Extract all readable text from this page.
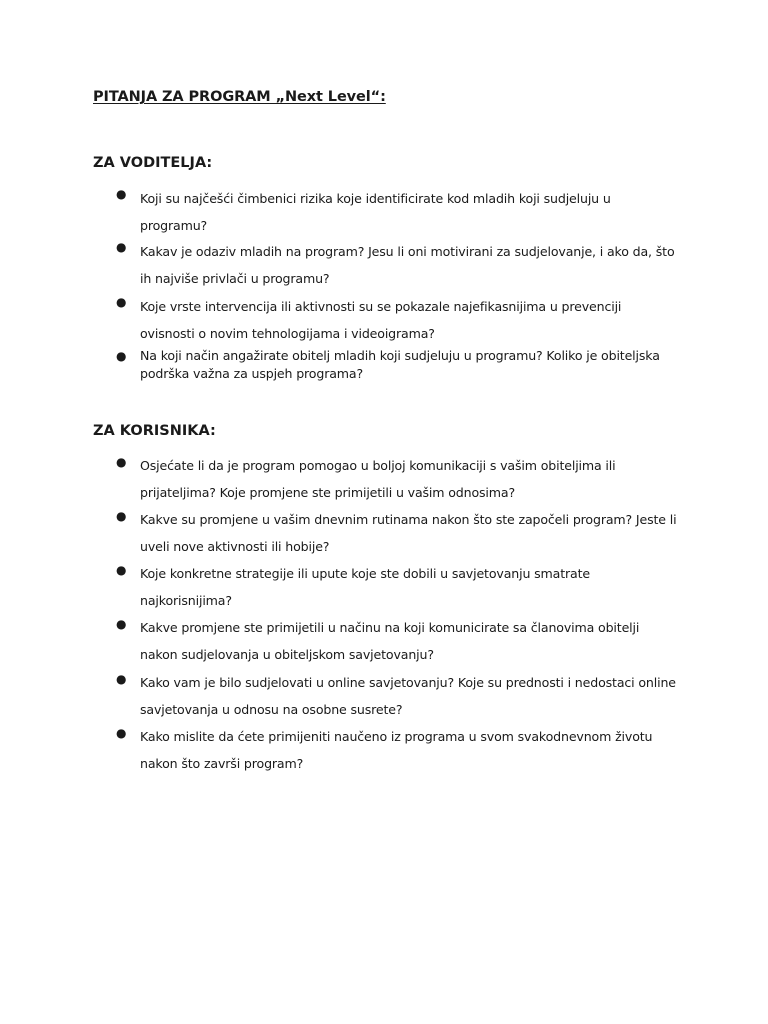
PITANJA ZA PROGRAM „Next Level“:
ZA VODITELJA:
● Koji su najčešći čimbenici rizika koje identificirate kod mladih koji sudjeluju u programu?
● Kakav je odaziv mladih na program? Jesu li oni motivirani za sudjelovanje, i ako da, što ih najviše privlači u programu?
● Koje vrste intervencija ili aktivnosti su se pokazale najefikasnijima u prevenciji ovisnosti o novim tehnologijama i videoigrama?
● Na koji način angažirate obitelj mladih koji sudjeluju u programu? Koliko je obiteljska podrška važna za uspjeh programa?
ZA KORISNIKA:
● Osjećate li da je program pomogao u boljoj komunikaciji s vašim obiteljima ili prijateljima? Koje promjene ste primijetili u vašim odnosima?
● Kakve su promjene u vašim dnevnim rutinama nakon što ste započeli program? Jeste li uveli nove aktivnosti ili hobije?
● Koje konkretne strategije ili upute koje ste dobili u savjetovanju smatrate najkorisnijima?
● Kakve promjene ste primijetili u načinu na koji komunicirate sa članovima obitelji nakon sudjelovanja u obiteljskom savjetovanju?
● Kako vam je bilo sudjelovati u online savjetovanju? Koje su prednosti i nedostaci online savjetovanja u odnosu na osobne susrete?
● Kako mislite da ćete primijeniti naučeno iz programa u svom svakodnevnom životu nakon što završi program?
